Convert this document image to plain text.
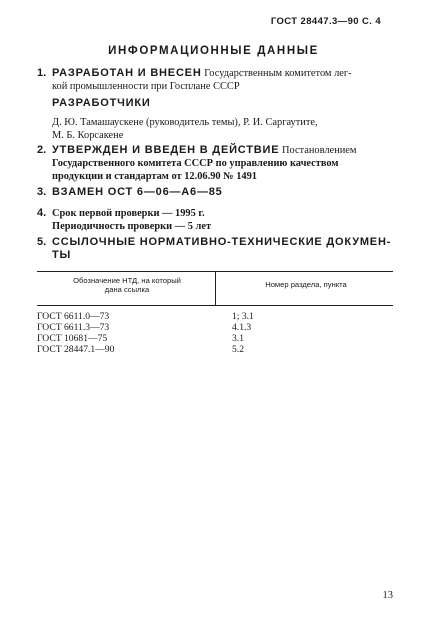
ГОСТ 28447.3—90 С. 4
ИНФОРМАЦИОННЫЕ ДАННЫЕ
1. РАЗРАБОТАН И ВНЕСЕН Государственным комитетом лег-
кой промышленности при Госплане СССР
РАЗРАБОТЧИКИ
Д. Ю. Тамашаускене (руководитель темы), Р. И. Саргаутите,
М. Б. Корсакене
2. УТВЕРЖДЕН И ВВЕДЕН В ДЕЙСТВИЕ Постановлением
Государственного комитета СССР по управлению качеством
продукции и стандартам от 12.06.90 № 1491
3. ВЗАМЕН ОСТ 6—06—А6—85
4. Срок первой проверки — 1995 г.
Периодичность проверки — 5 лет
5. ССЫЛОЧНЫЕ НОРМАТИВНО-ТЕХНИЧЕСКИЕ ДОКУМЕН-
ТЫ
Обозначение НТД, на который
дана ссылка
Номер раздела, пункта
ГОСТ 6611.0—73	1; 3.1
ГОСТ 6611.3—73	4.1.3
ГОСТ 10681—75	3.1
ГОСТ 28447.1—90	5.2
13
